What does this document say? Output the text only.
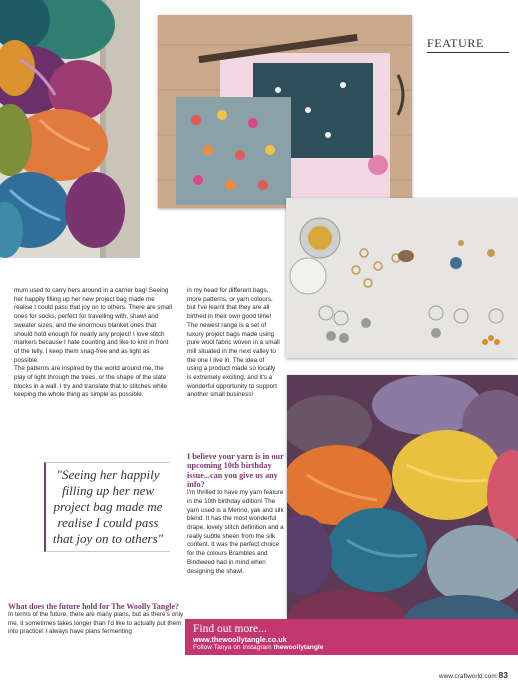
FEATURE

mum used to carry hers around in a carrier bag! Seeing her happily filling up her new project bag made me realise I could pass that joy on to others. There are small ones for socks, perfect for travelling with, shawl and sweater sizes, and the enormous blanket ones that should hold enough for nearly any project! I love stitch markers because I hate counting and like to knit in front of the telly. I keep them snag-free and as light as possible.

The patterns are inspired by the world around me, the play of light through the trees, or the shape of the slate blocks in a wall. I try and translate that to stitches while keeping the whole thing as simple as possible.

"Seeing her happily filling up her new project bag made me realise I could pass that joy on to others"

What does the future hold for The Woolly Tangle?

In terms of the future, there are many plans, but as there's only me, it sometimes takes longer than I'd like to actually put them into practice! I always have plans fermenting

in my head for different bags, more patterns, or yarn colours, but I've learnt that they are all birthed in their own good time! The newest range is a set of luxury project bags made using pure wool fabric woven in a small mill situated in the next valley to the one I live in. The idea of using a product made so locally is extremely exciting, and it's a wonderful opportunity to support another small business!

I believe your yarn is in our upcoming 10th birthday issue...can you give us any info?

I'm thrilled to have my yarn feature in the 10th birthday edition! The yarn used is a Merino, yak and silk blend. It has the most wonderful drape, lovely stitch definition and a really subtle sheen from the silk content. It was the perfect choice for the colours Brambles and Bindweed had in mind when designing the shawl.

Find out more...
www.thewoollytangle.co.uk
Follow Tanya on Instagram thewoollytangle
www.craftworld.com 83
